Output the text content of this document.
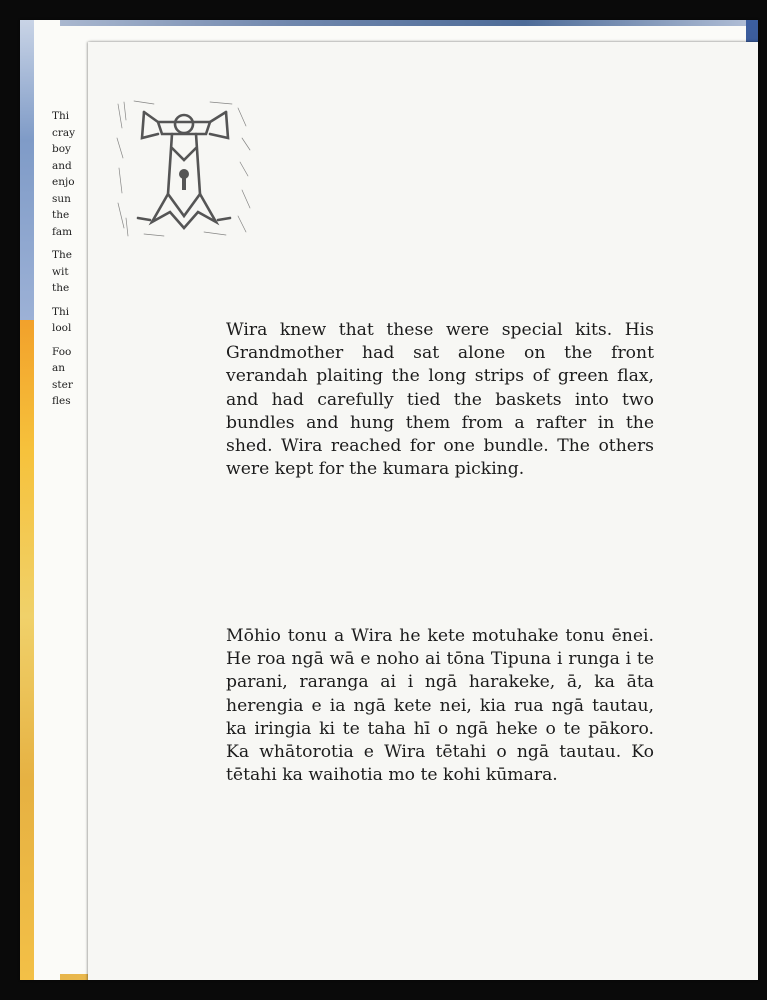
Thi
cray
boy
and
enjo
sun
the
fam

The
wit
the

Thi
lool

Foo
an
ster
fles

Wira knew that these were special kits. His Grandmother had sat alone on the front verandah plaiting the long strips of green flax, and had carefully tied the baskets into two bundles and hung them from a rafter in the shed. Wira reached for one bundle. The others were kept for the kumara picking.

Mōhio tonu a Wira he kete motuhake tonu ēnei. He roa ngā wā e noho ai tōna Tipuna i runga i te parani, raranga ai i ngā harakeke, ā, ka āta herengia e ia ngā kete nei, kia rua ngā tautau, ka iringia ki te taha hī o ngā heke o te pākoro. Ka whātorotia e Wira tētahi o ngā tautau. Ko tētahi ka waihotia mo te kohi kūmara.
